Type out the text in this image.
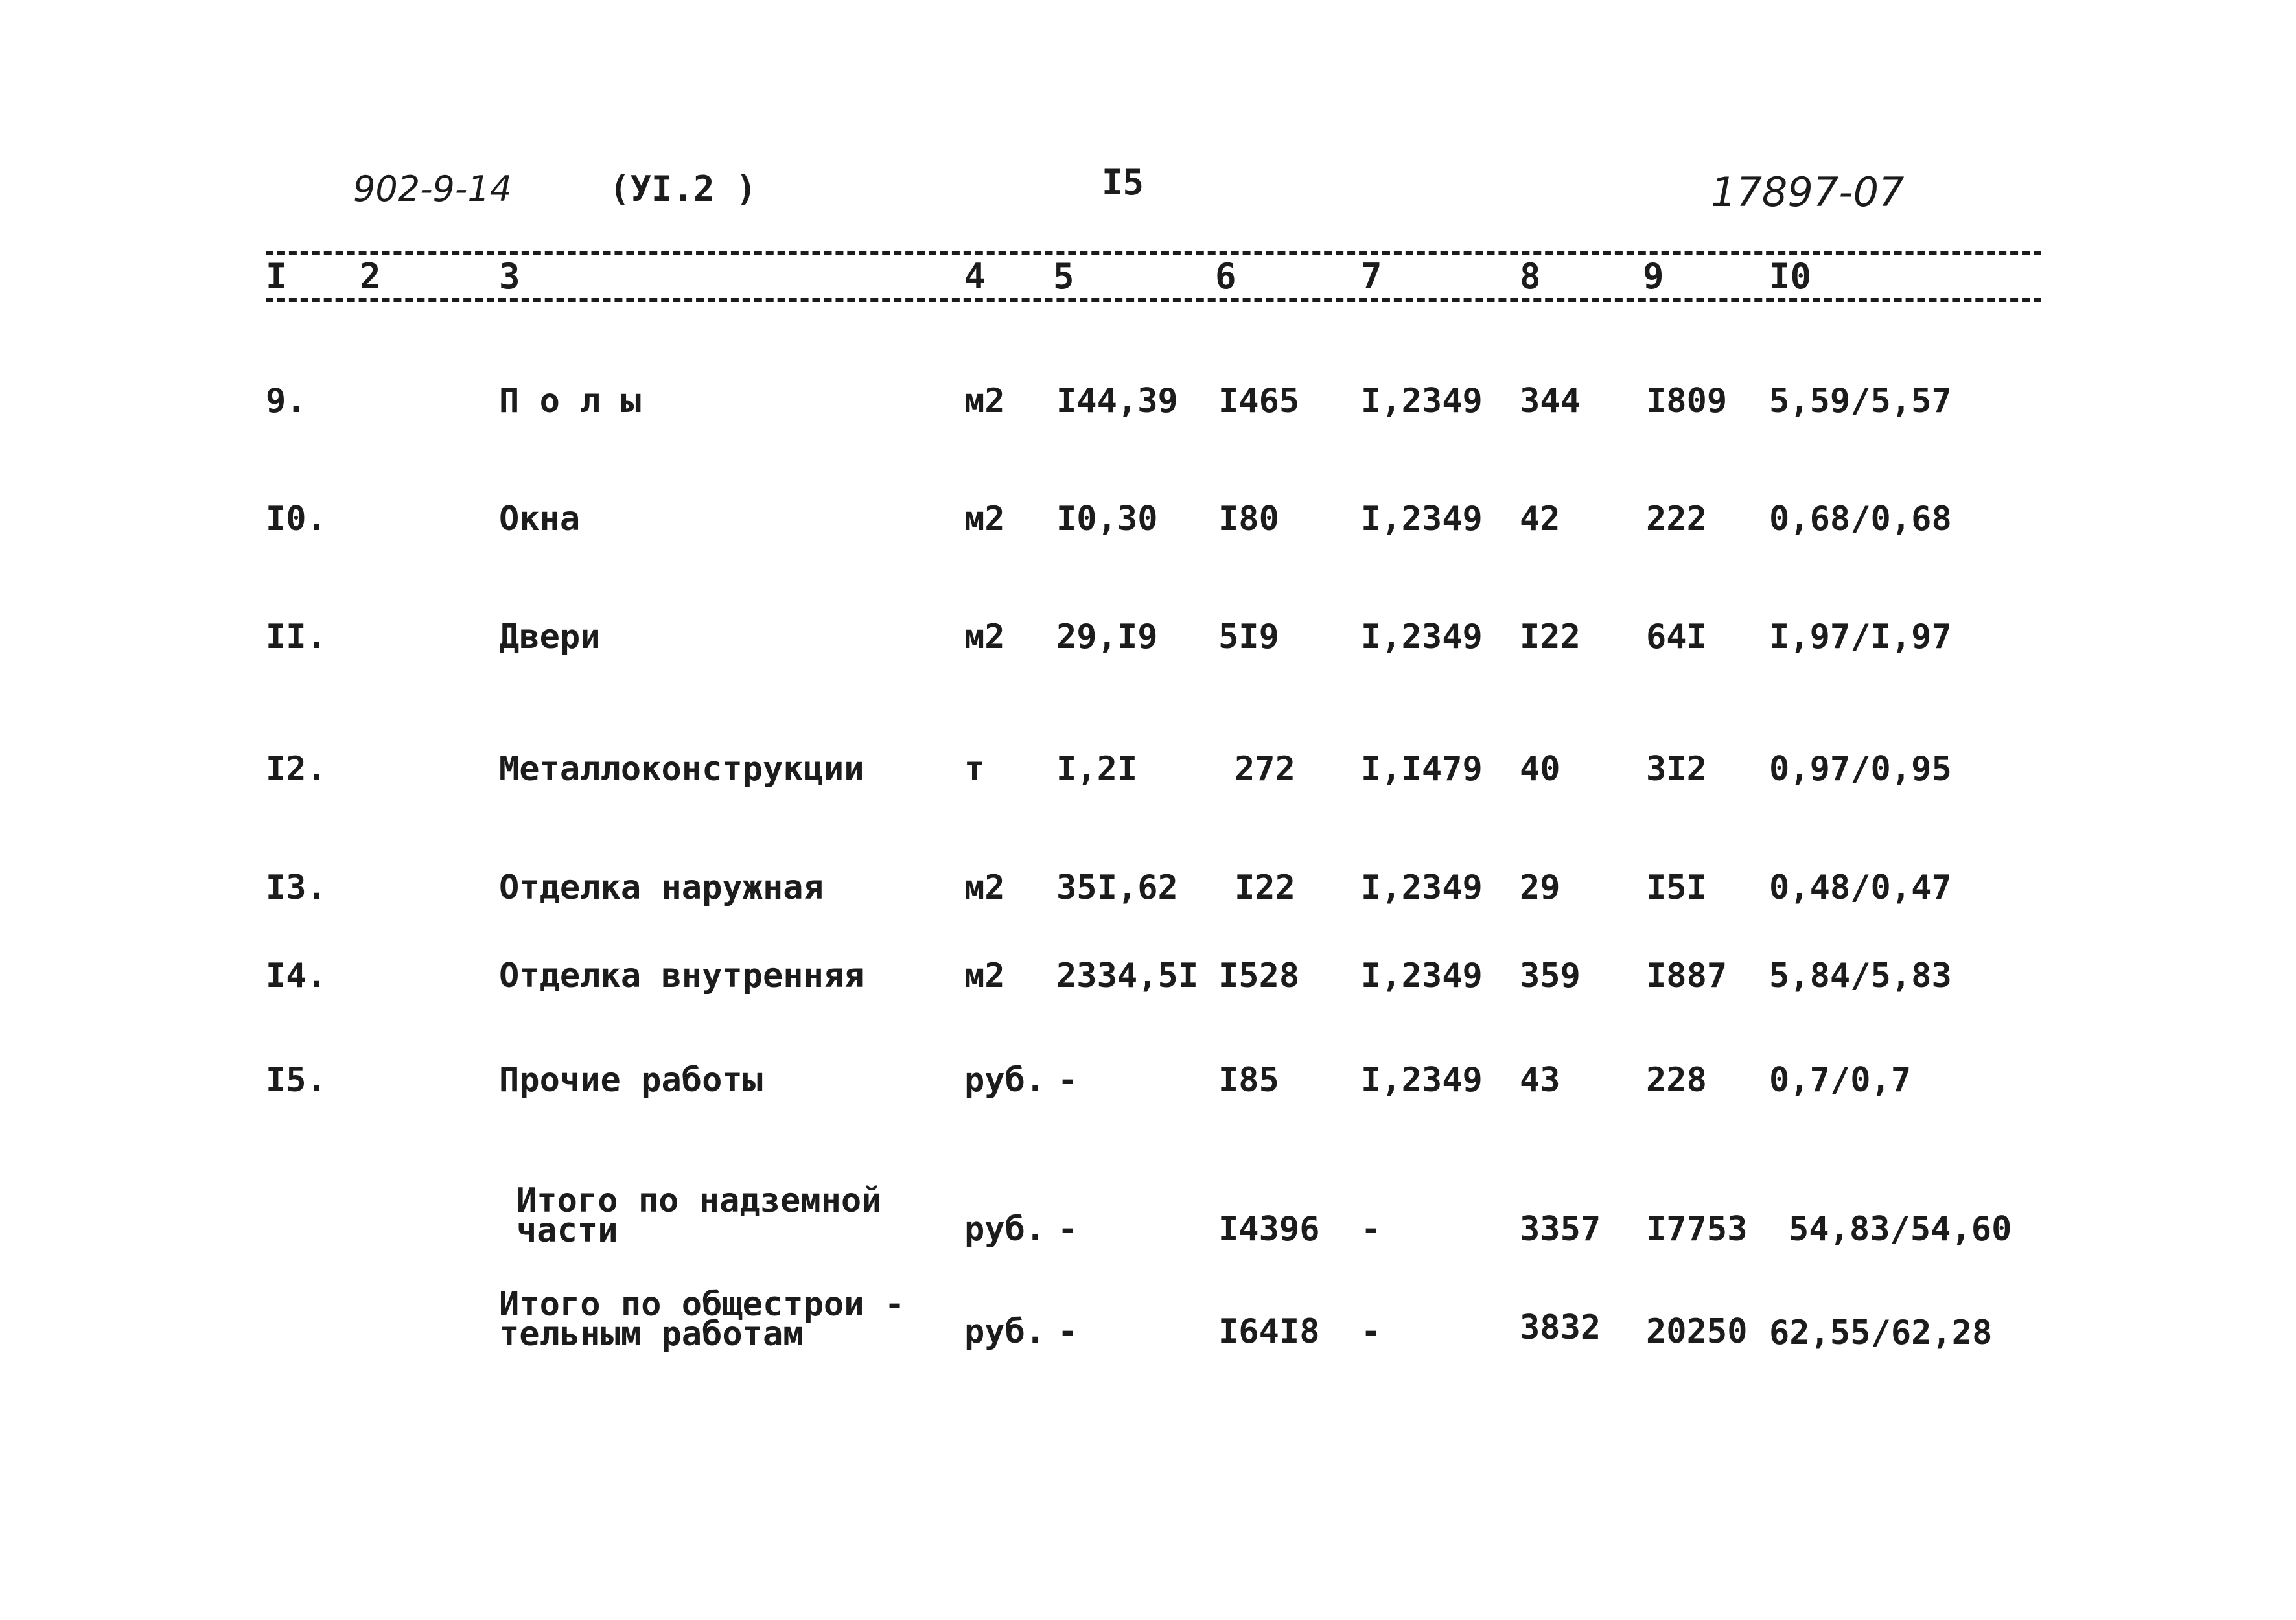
902-9-14	(УI.2 )	I5	17897-07
I 2	3	4 5	6	7	8	9	I0
9.	П о л ы	м2 I44,39 I465 I,2349 344 I809 5,59/5,57
I0.	Окна	м2 I0,30 I80 I,2349 42	222 0,68/0,68
II.	Двери	м2 29,I9 5I9 I,2349 I22 64I I,97/I,97
I2.	Металлоконструкции	т I,2I	272 I,I479 40	3I2 0,97/0,95
I3.	Отделка наружная	м2 35I,62 I22 I,2349 29	I5I 0,48/0,47
I4.	Отделка внутренняя	м2 2334,5I I528 I,2349 359 I887 5,84/5,83
I5.	Прочие работы	руб. -	I85 I,2349 43	228 0,7/0,7
Итого по надземной
части	руб. -	I4396 -	3357 I7753 54,83/54,60
Итого по общестрои -
тельным работам	руб. -	I64I8 -	3832 20250 62,55/62,28
